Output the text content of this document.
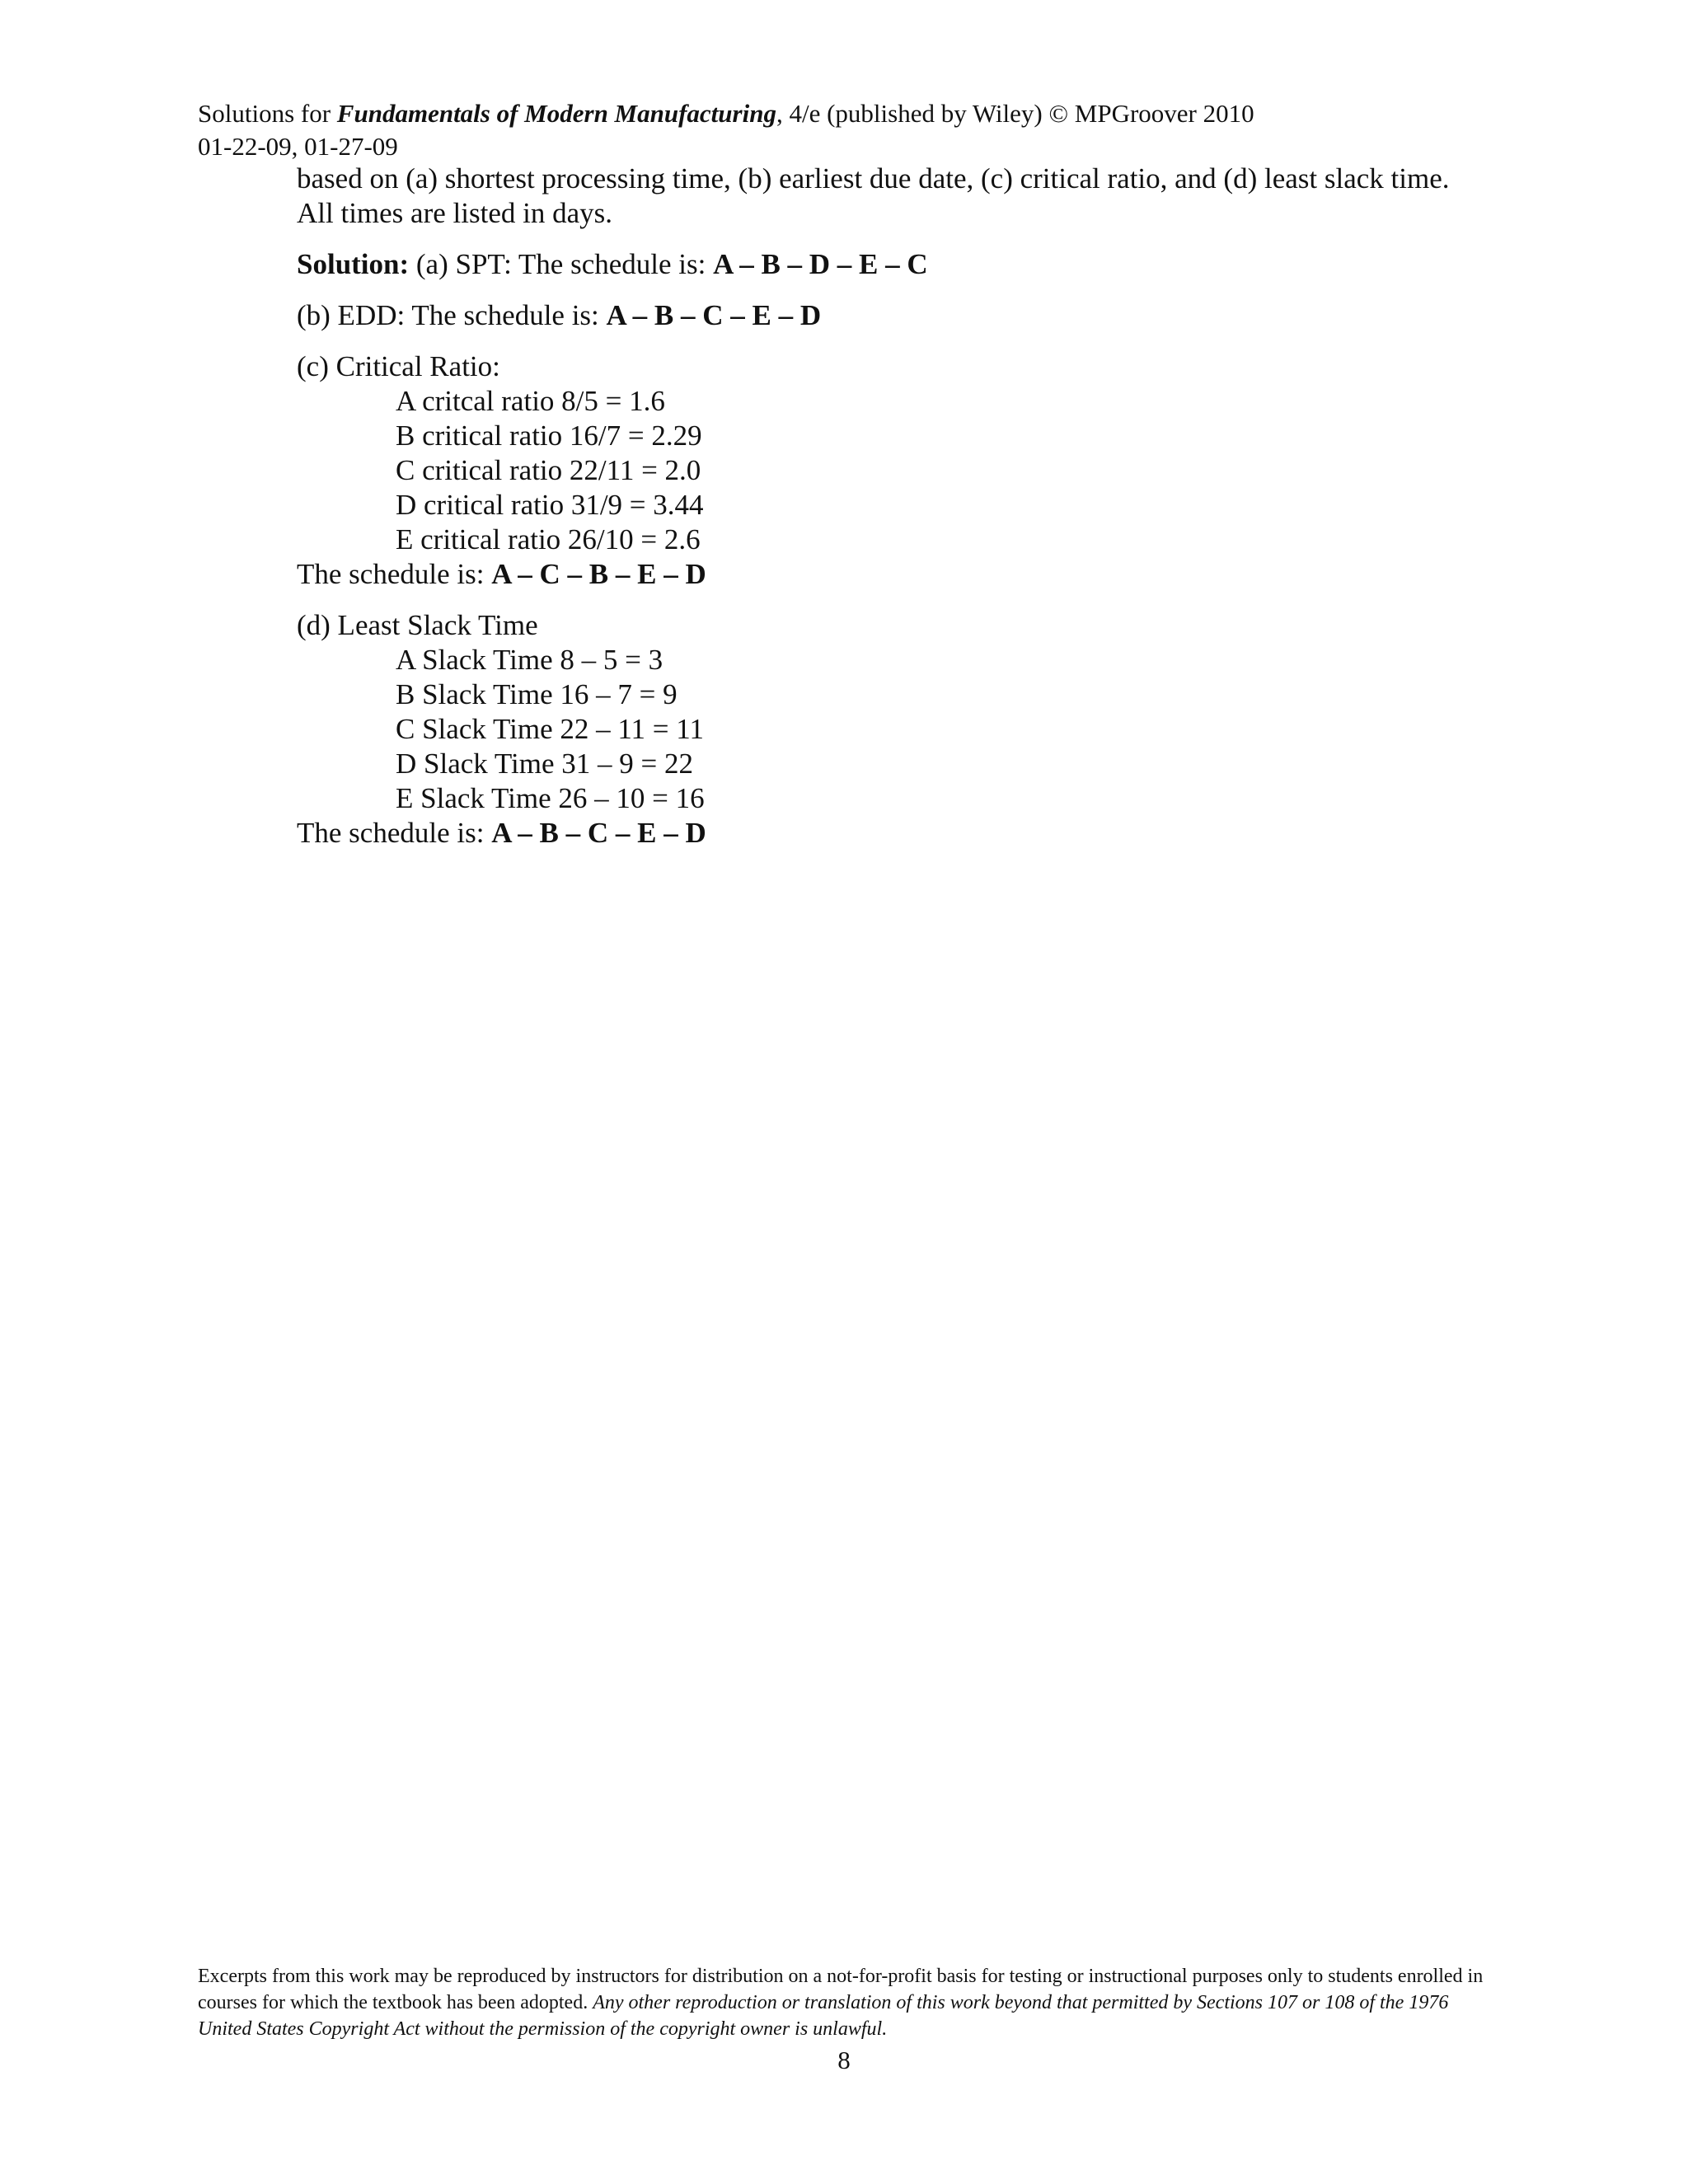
Solutions for Fundamentals of Modern Manufacturing, 4/e (published by Wiley) © MPGroover 2010
01-22-09, 01-27-09

based on (a) shortest processing time, (b) earliest due date, (c) critical ratio, and (d) least slack time.

All times are listed in days.

Solution: (a) SPT: The schedule is: A – B – D – E – C

(b) EDD: The schedule is: A – B – C – E – D

(c) Critical Ratio:

A critcal ratio 8/5 = 1.6

B critical ratio 16/7 = 2.29

C critical ratio 22/11 = 2.0

D critical ratio 31/9 = 3.44

E critical ratio 26/10 = 2.6

The schedule is: A – C – B – E – D

(d) Least Slack Time

A Slack Time 8 – 5 = 3

B Slack Time 16 – 7 = 9

C Slack Time 22 – 11 = 11

D Slack Time 31 – 9 = 22

E Slack Time 26 – 10 = 16

The schedule is: A – B – C – E – D

Excerpts from this work may be reproduced by instructors for distribution on a not-for-profit basis for testing or instructional purposes only to students enrolled in courses for which the textbook has been adopted. Any other reproduction or translation of this work beyond that permitted by Sections 107 or 108 of the 1976 United States Copyright Act without the permission of the copyright owner is unlawful.
8
